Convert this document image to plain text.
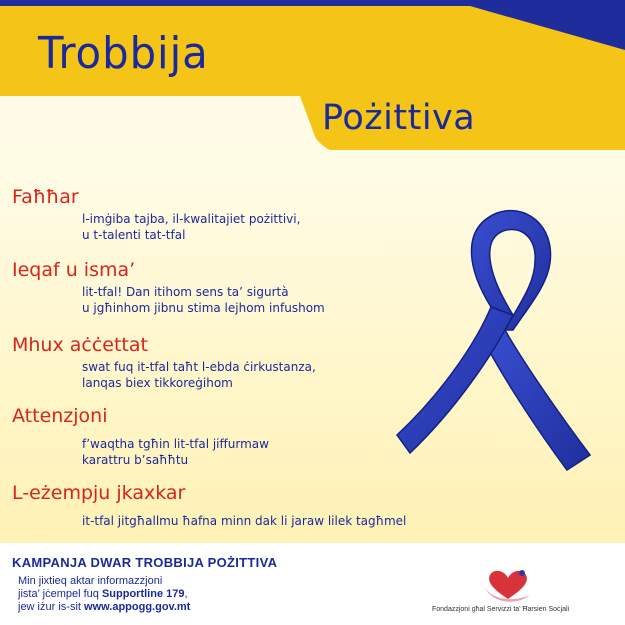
Trobbija
Pożittiva
Faħħar
l-imġiba tajba, il-kwalitajiet pożittivi,
u t-talenti tat-tfal
Ieqaf u isma’
lit-tfal! Dan itihom sens ta’ sigurtà
u jgħinhom jibnu stima lejhom infushom
Mhux aċċettat
swat fuq it-tfal taħt l-ebda ċirkustanza,
lanqas biex tikkoreġihom
Attenzjoni
f’waqtha tgħin lit-tfal jiffurmaw
karattru b’saħħtu
L-eżempju jkaxkar
it-tfal jitgħallmu ħafna minn dak li jaraw lilek tagħmel
KAMPANJA DWAR TROBBIJA POŻITTIVA
Min jixtieq aktar informazzjoni
jista’ jċempel fuq Supportline 179,
jew iżur is-sit www.appogg.gov.mt	Fondazzjoni għal Servizzi ta’ Ħarsien Soċjali
